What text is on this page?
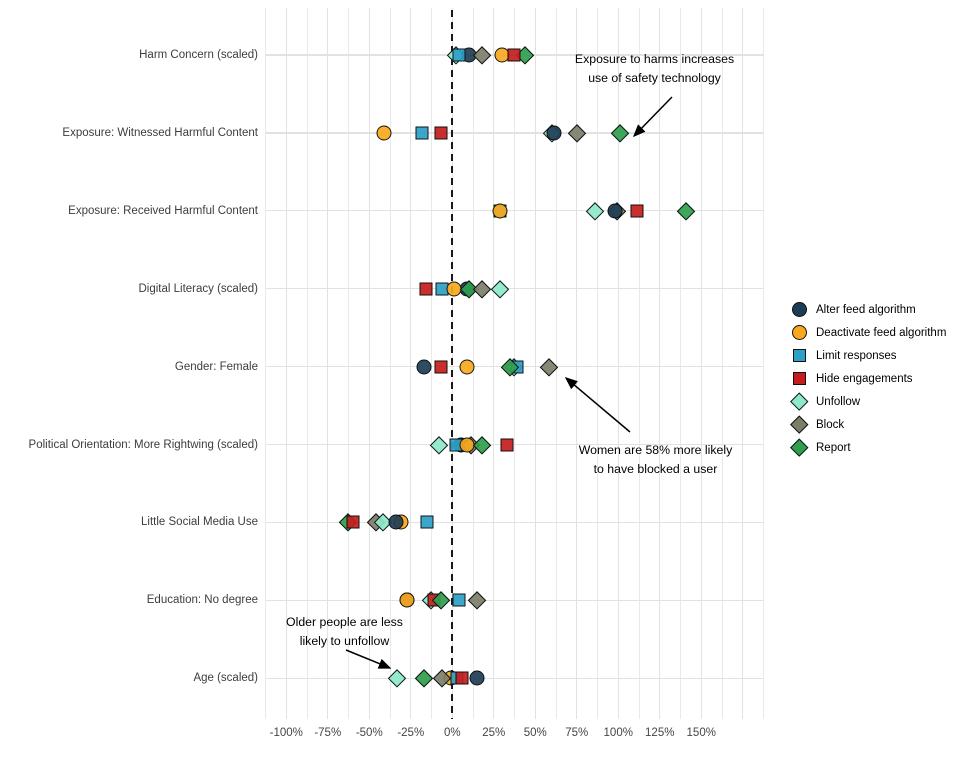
Harm Concern (scaled)
Exposure: Witnessed Harmful Content
Exposure: Received Harmful Content
Digital Literacy (scaled)
Gender: Female
Political Orientation: More Rightwing (scaled)
Little Social Media Use
Education: No degree
Age (scaled)
-100% -75% -50% -25% 0% 25% 50% 75% 100% 125% 150%
Alter feed algorithm
Deactivate feed algorithm
Limit responses
Hide engagements
Unfollow
Block
Report
Exposure to harms increases
use of safety technology
Women are 58% more likely
to have blocked a user
Older people are less
likely to unfollow
